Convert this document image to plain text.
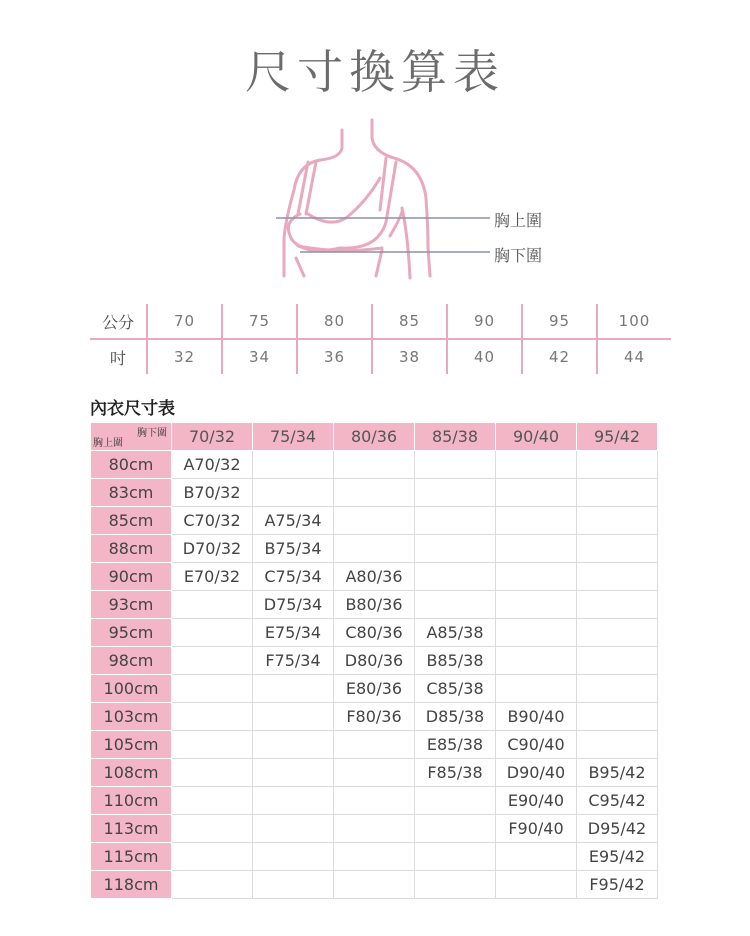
尺寸換算表
胸上圍
胸下圍
公分	70	75	80	85	90	95	100
吋	32	34	36	38	40	42	44
內衣尺寸表
胸下圍
胸上圍	70/32	75/34	80/36	85/38	90/40	95/42
80cm	A70/32					
83cm	B70/32					
85cm	C70/32	A75/34				
88cm	D70/32	B75/34				
90cm	E70/32	C75/34	A80/36			
93cm		D75/34	B80/36			
95cm		E75/34	C80/36	A85/38		
98cm		F75/34	D80/36	B85/38		
100cm			E80/36	C85/38		
103cm			F80/36	D85/38	B90/40	
105cm				E85/38	C90/40	
108cm				F85/38	D90/40	B95/42
110cm					E90/40	C95/42
113cm					F90/40	D95/42
115cm						E95/42
118cm						F95/42
